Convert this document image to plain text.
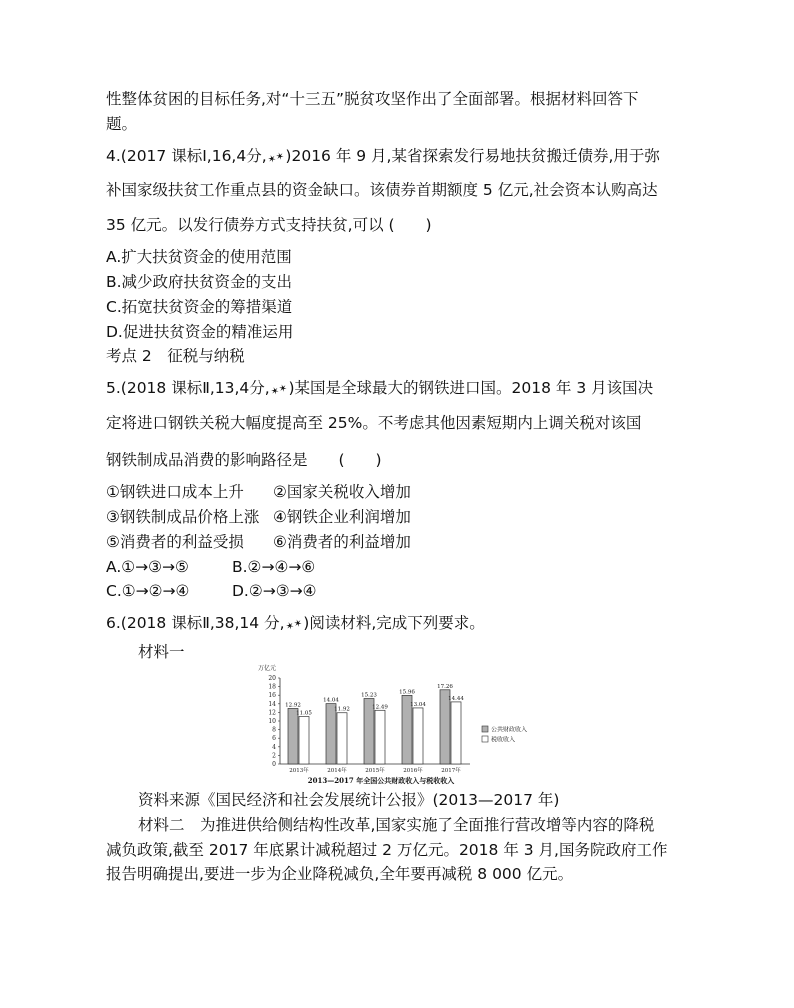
性整体贫困的目标任务,对“十三五”脱贫攻坚作出了全面部署。根据材料回答下
题。
4.(2017 课标Ⅰ,16,4分,✶✶)2016 年 9 月,某省探索发行易地扶贫搬迁债券,用于弥
补国家级扶贫工作重点县的资金缺口。该债券首期额度 5 亿元,社会资本认购高达
35 亿元。以发行债券方式支持扶贫,可以 (　　)
A.扩大扶贫资金的使用范围
B.减少政府扶贫资金的支出
C.拓宽扶贫资金的筹措渠道
D.促进扶贫资金的精准运用
考点 2　征税与纳税
5.(2018 课标Ⅱ,13,4分,✶✶)某国是全球最大的钢铁进口国。2018 年 3 月该国决
定将进口钢铁关税大幅度提高至 25%。不考虑其他因素短期内上调关税对该国
钢铁制成品消费的影响路径是　　(　　)
①钢铁进口成本上升 ②国家关税收入增加
③钢铁制成品价格上涨 ④钢铁企业利润增加
⑤消费者的利益受损 ⑥消费者的利益增加
A.①→③→⑤	B.②→④→⑥
C.①→②→④	D.②→③→④
6.(2018 课标Ⅱ,38,14 分,✶✶)阅读材料,完成下列要求。
材料一
万亿元
0
2
4
6
8
10
12
14
16
18
20
12.92
11.05
2013年
14.04
11.92
2014年
15.23
12.49
2015年
15.96
13.04
2016年
17.26
14.44
2017年
公共财政收入
税收收入
2013—2017 年全国公共财政收入与税收收入
资料来源《国民经济和社会发展统计公报》(2013—2017 年)
材料二　为推进供给侧结构性改革,国家实施了全面推行营改增等内容的降税
减负政策,截至 2017 年底累计减税超过 2 万亿元。2018 年 3 月,国务院政府工作
报告明确提出,要进一步为企业降税减负,全年要再减税 8 000 亿元。
